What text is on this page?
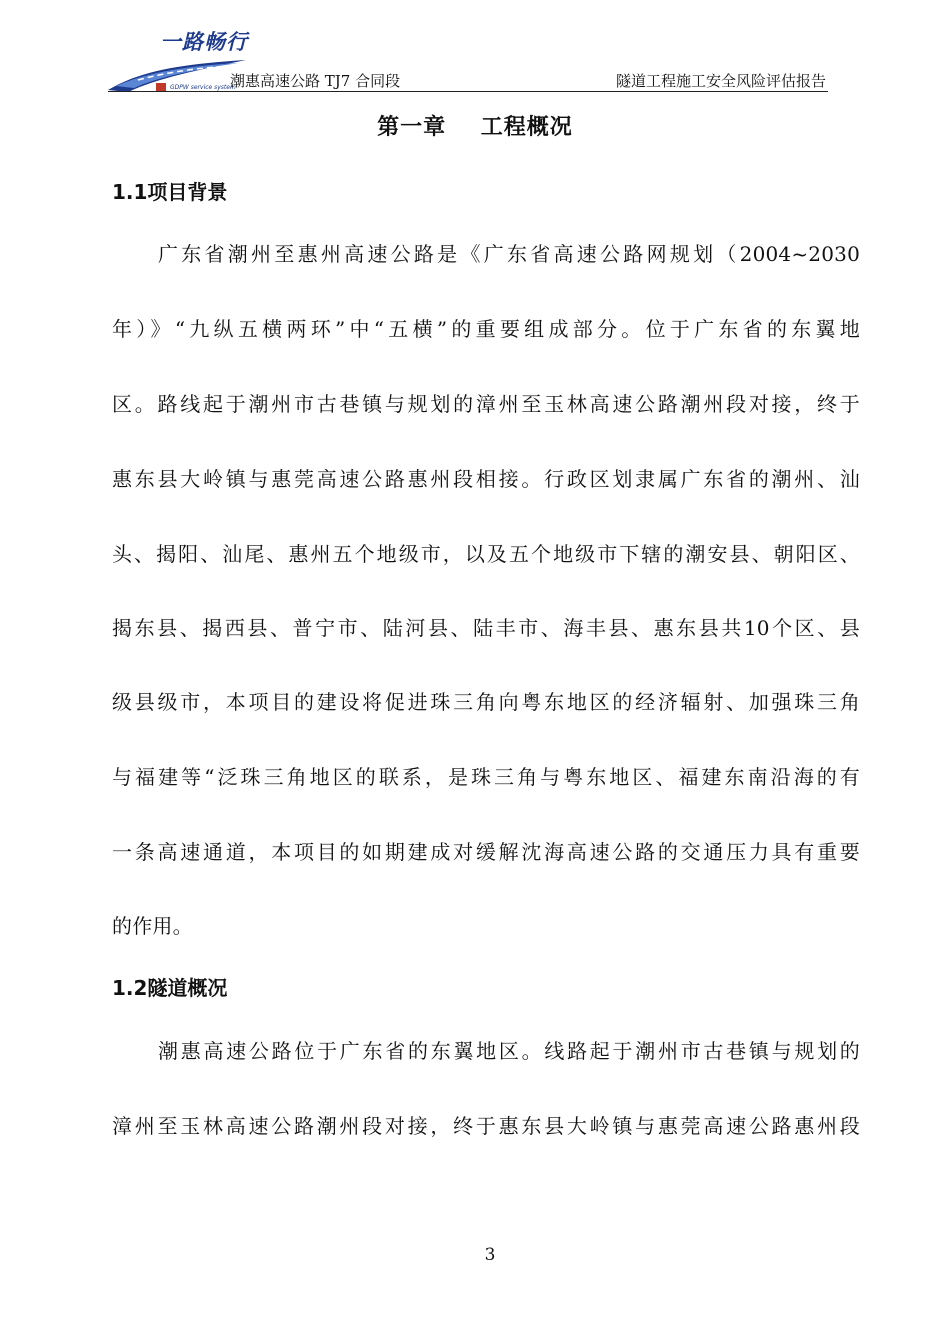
一路畅行
GDPW service system
潮惠高速公路 TJ7 合同段	隧道工程施工安全风险评估报告
第一章    工程概况
1.1项目背景
广东省潮州至惠州高速公路是《广东省高速公路网规划（2004~2030
年）》“九纵五横两环”中“五横”的重要组成部分。位于广东省的东翼地
区。路线起于潮州市古巷镇与规划的漳州至玉林高速公路潮州段对接，终于
惠东县大岭镇与惠莞高速公路惠州段相接。行政区划隶属广东省的潮州、汕
头、揭阳、汕尾、惠州五个地级市，以及五个地级市下辖的潮安县、朝阳区、
揭东县、揭西县、普宁市、陆河县、陆丰市、海丰县、惠东县共10个区、县
级县级市，本项目的建设将促进珠三角向粤东地区的经济辐射、加强珠三角
与福建等“泛珠三角地区的联系，是珠三角与粤东地区、福建东南沿海的有
一条高速通道，本项目的如期建成对缓解沈海高速公路的交通压力具有重要
的作用。
1.2隧道概况
潮惠高速公路位于广东省的东翼地区。线路起于潮州市古巷镇与规划的
漳州至玉林高速公路潮州段对接，终于惠东县大岭镇与惠莞高速公路惠州段
3
